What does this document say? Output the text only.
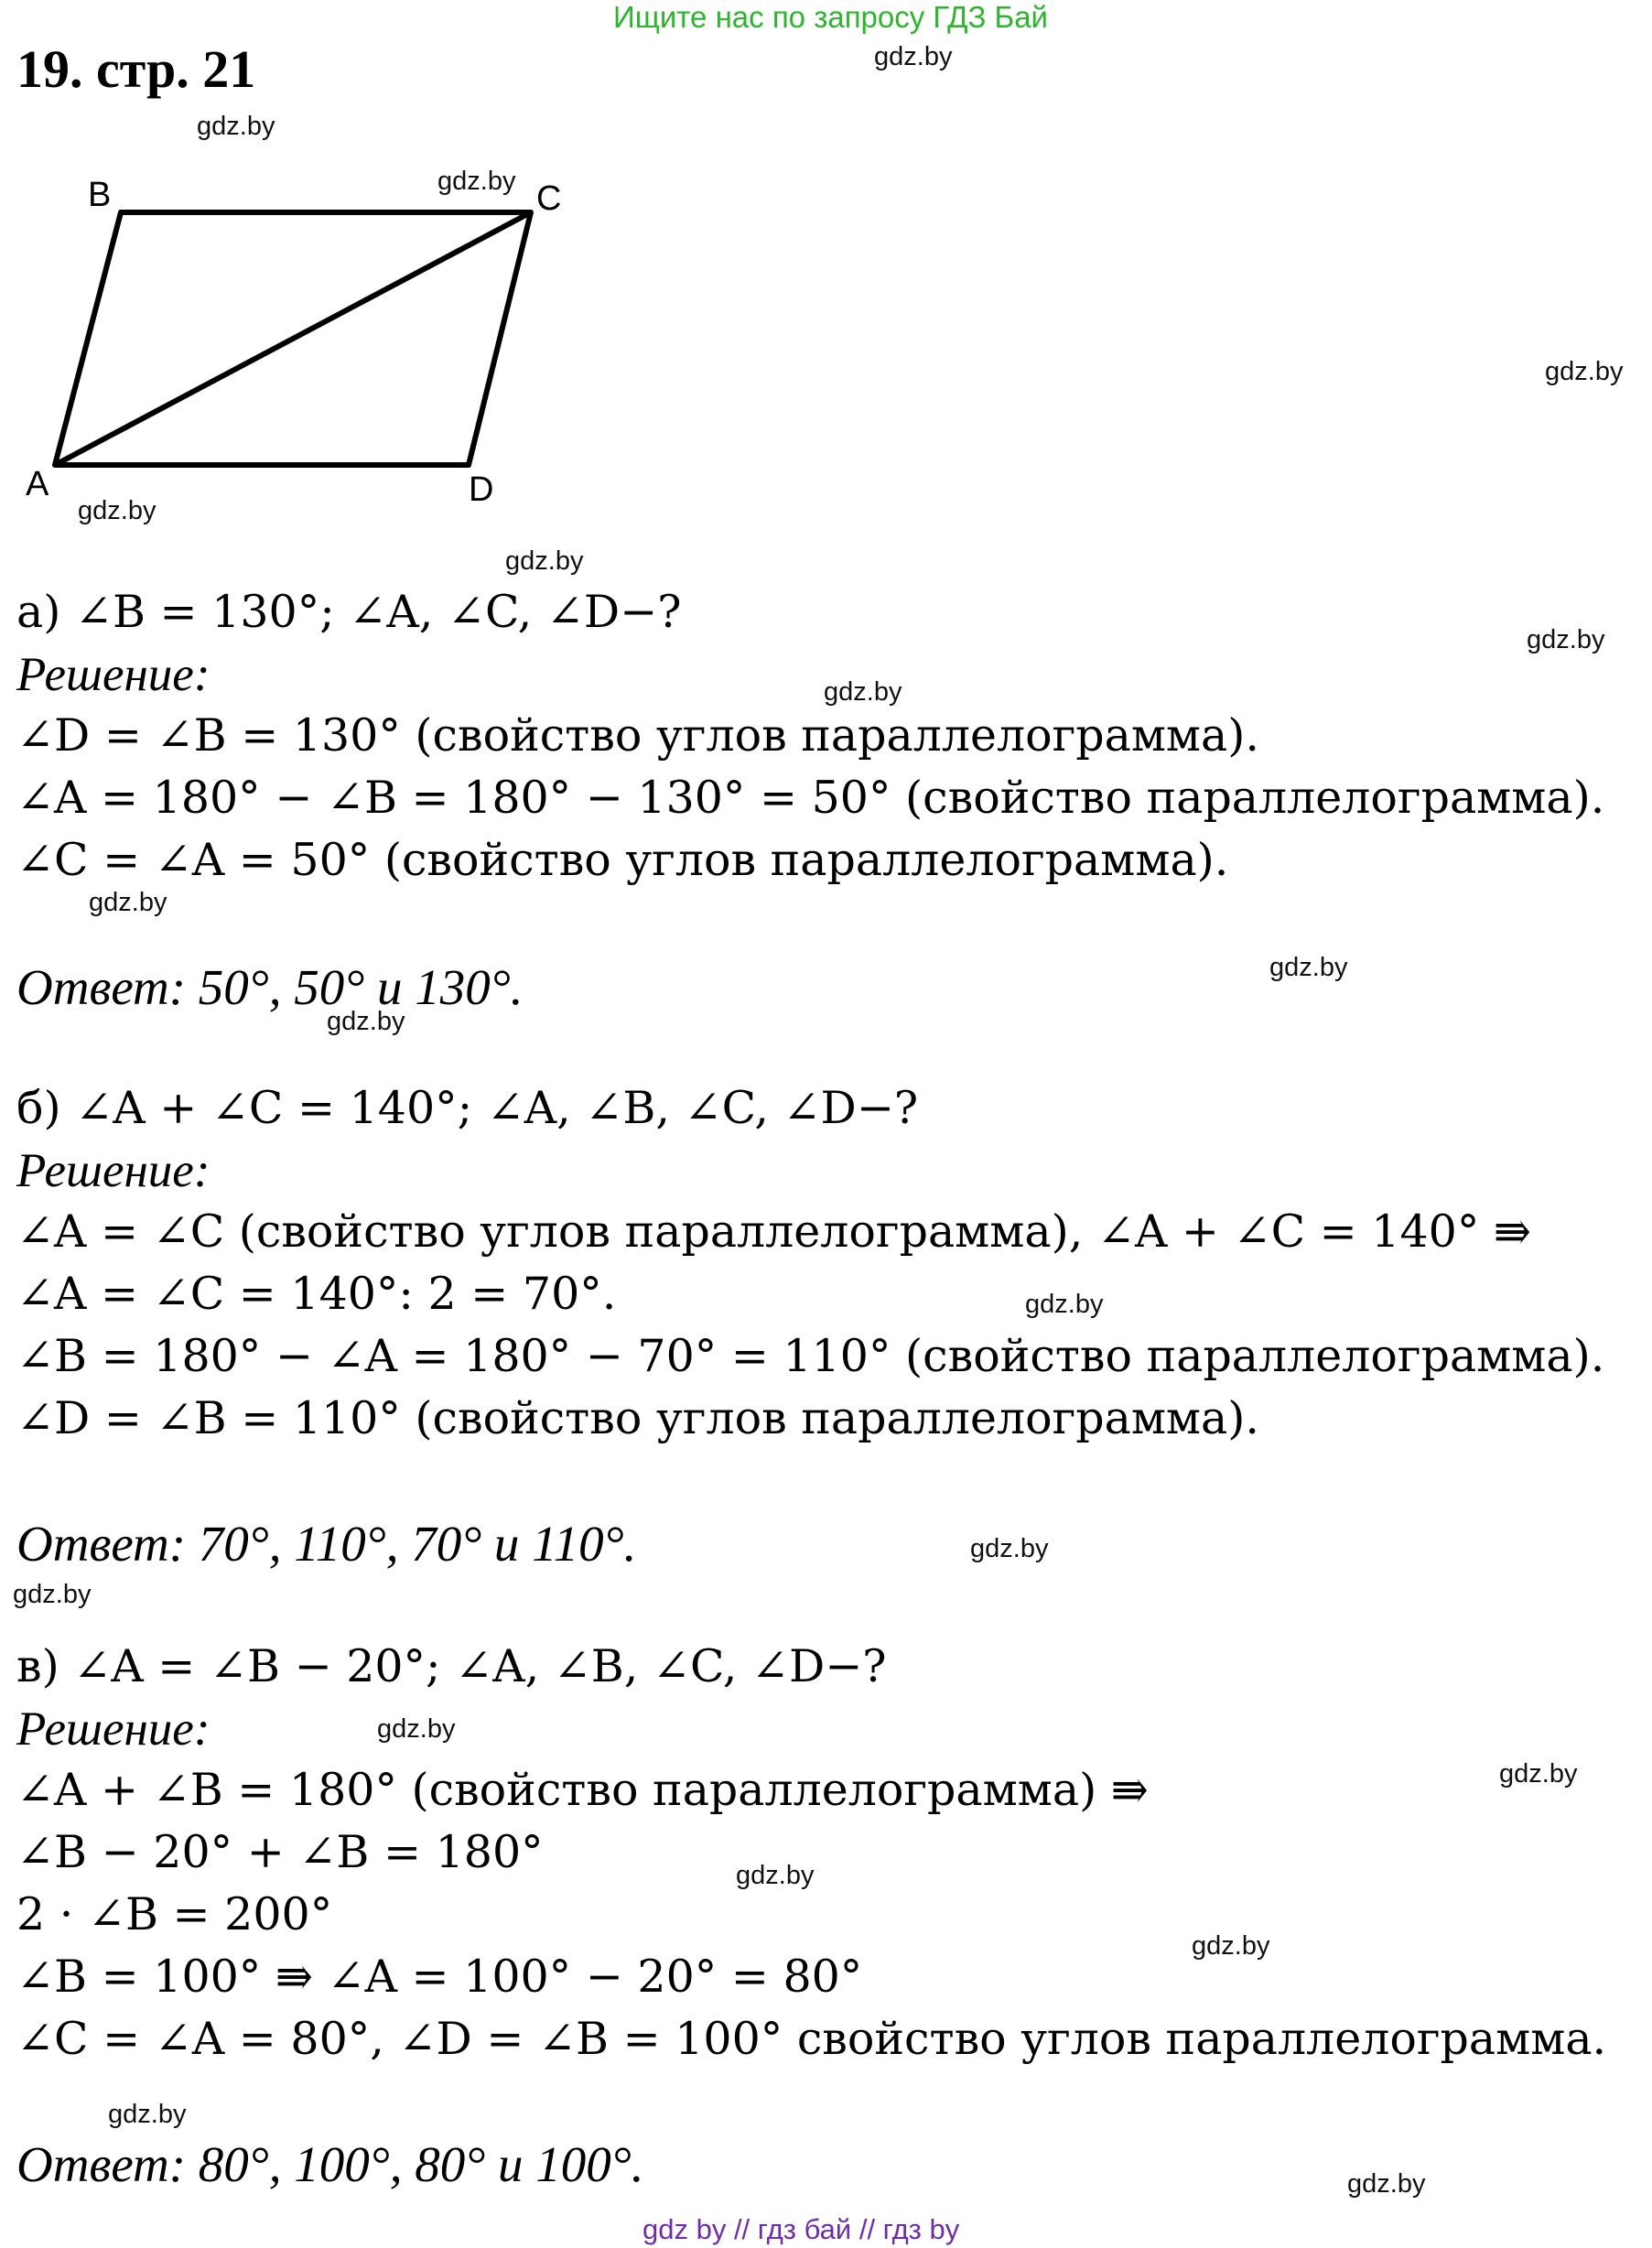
Ищите нас по запросу ГДЗ Бай
19. стр. 21
B	C
A	D
а) ∠B = 130°; ∠A, ∠C, ∠D−?
Решение:
∠D = ∠B = 130° (свойство углов параллелограмма).
∠A = 180° − ∠B = 180° − 130° = 50° (свойство параллелограмма).
∠C = ∠A = 50° (свойство углов параллелограмма).
Ответ: 50°, 50° и 130°.
б) ∠A + ∠C = 140°; ∠A, ∠B, ∠C, ∠D−?
Решение:
∠A = ∠C (свойство углов параллелограмма), ∠A + ∠C = 140° ⇛
∠A = ∠C = 140°: 2 = 70°.
∠B = 180° − ∠A = 180° − 70° = 110° (свойство параллелограмма).
∠D = ∠B = 110° (свойство углов параллелограмма).
Ответ: 70°, 110°, 70° и 110°.
в) ∠A = ∠B − 20°; ∠A, ∠B, ∠C, ∠D−?
Решение:
∠A + ∠B = 180° (свойство параллелограмма) ⇛
∠B − 20° + ∠B = 180°
2 · ∠B = 200°
∠B = 100° ⇛ ∠A = 100° − 20° = 80°
∠C = ∠A = 80°, ∠D = ∠B = 100° свойство углов параллелограмма.
Ответ: 80°, 100°, 80° и 100°.
gdz.by
gdz.by
gdz.by
gdz.by
gdz.by
gdz.by
gdz.by
gdz.by
gdz.by
gdz.by
gdz.by
gdz.by
gdz.by
gdz.by
gdz.by
gdz.by
gdz.by
gdz.by
gdz.by
gdz.by
gdz by // гдз бай // гдз by
